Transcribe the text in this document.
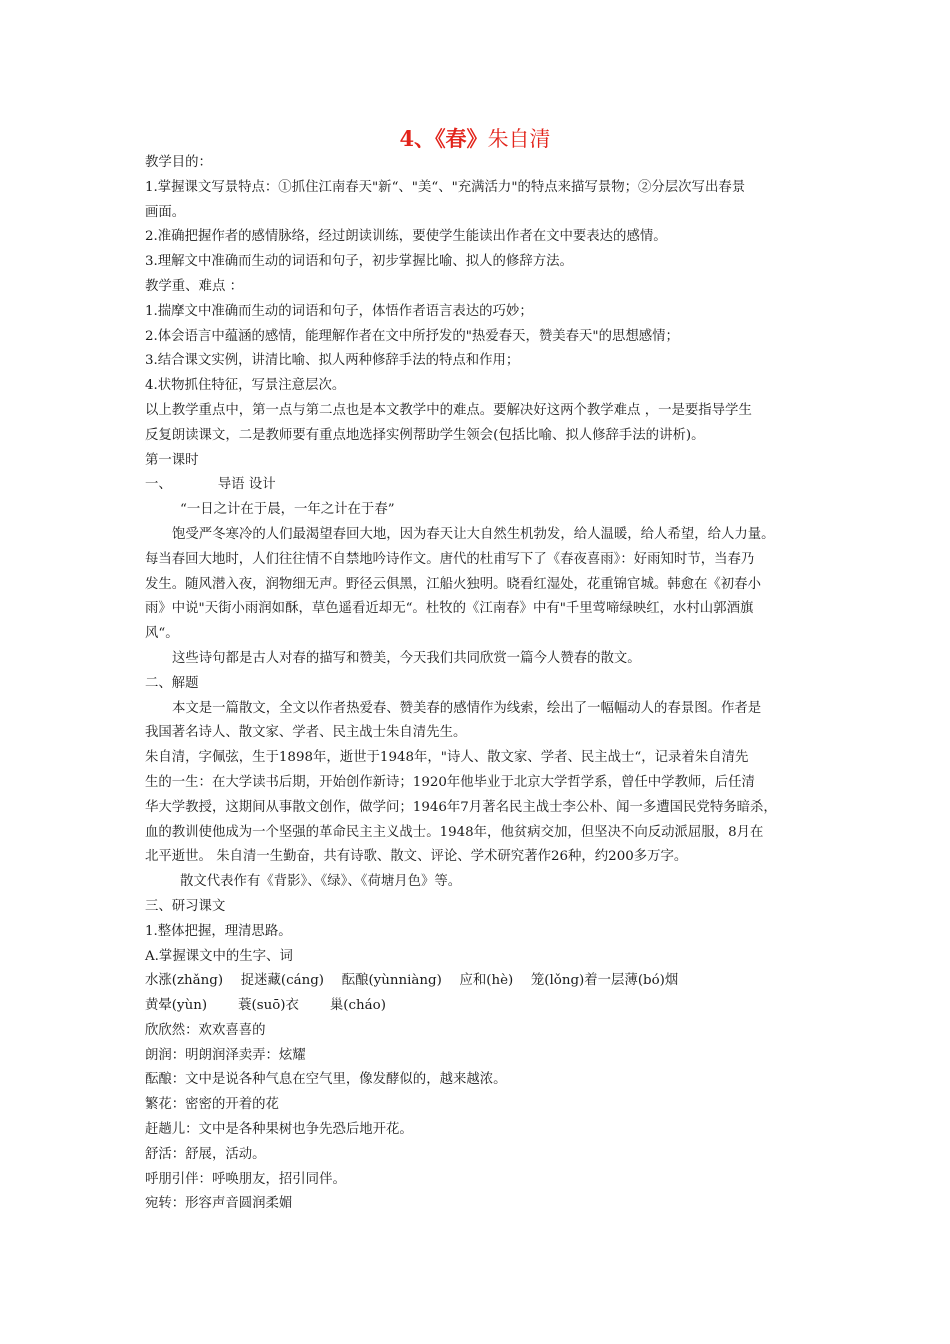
4、《春》朱自清
教学目的：
1.掌握课文写景特点：①抓住江南春天"新“、"美“、"充满活力"的特点来描写景物；②分层次写出春景
画面。
2.准确把握作者的感情脉络，经过朗读训练，要使学生能读出作者在文中要表达的感情。
3.理解文中准确而生动的词语和句子，初步掌握比喻、拟人的修辞方法。
教学重、难点 ：
1.揣摩文中准确而生动的词语和句子，体悟作者语言表达的巧妙；
2.体会语言中蕴涵的感情，能理解作者在文中所抒发的"热爱春天，赞美春天"的思想感情；
3.结合课文实例，讲清比喻、拟人两种修辞手法的特点和作用；
4.状物抓住特征，写景注意层次。
以上教学重点中，第一点与第二点也是本文教学中的难点。要解决好这两个教学难点 ，一是要指导学生
反复朗读课文，二是教师要有重点地选择实例帮助学生领会(包括比喻、拟人修辞手法的讲析)。
第一课时
一、	导语 设计
“一日之计在于晨，一年之计在于春”
饱受严冬寒冷的人们最渴望春回大地，因为春天让大自然生机勃发，给人温暖，给人希望，给人力量。
每当春回大地时，人们往往情不自禁地吟诗作文。唐代的杜甫写下了《春夜喜雨》：好雨知时节，当春乃
发生。随风潜入夜，润物细无声。野径云俱黑，江船火独明。晓看红湿处，花重锦官城。韩愈在《初春小
雨》中说"天街小雨润如酥，草色遥看近却无“。杜牧的《江南春》中有"千里莺啼绿映红，水村山郭酒旗
风“。
这些诗句都是古人对春的描写和赞美，今天我们共同欣赏一篇今人赞春的散文。
二、解题
本文是一篇散文，全文以作者热爱春、赞美春的感情作为线索，绘出了一幅幅动人的春景图。作者是
我国著名诗人、散文家、学者、民主战士朱自清先生。
朱自清，字佩弦，生于1898年，逝世于1948年，"诗人、散文家、学者、民主战士“，记录着朱自清先
生的一生：在大学读书后期，开始创作新诗；1920年他毕业于北京大学哲学系，曾任中学教师，后任清
华大学教授，这期间从事散文创作，做学问；1946年7月著名民主战士李公朴、闻一多遭国民党特务暗杀，
血的教训使他成为一个坚强的革命民主主义战士。1948年，他贫病交加，但坚决不向反动派屈服，8月在
北平逝世。 朱自清一生勤奋，共有诗歌、散文、评论、学术研究著作26种，约200多万字。
散文代表作有《背影》、《绿》、《荷塘月色》等。
三、研习课文
1.整体把握，理清思路。
A.掌握课文中的生字、词
水涨(zhǎng)　 捉迷藏(cáng)　 酝酿(yùnniàng)　 应和(hè)　 笼(lǒng)着一层薄(bó)烟
黄晕(yùn)　　 蓑(suō)衣　　 巢(cháo)
欣欣然：欢欢喜喜的
朗润：明朗润泽卖弄：炫耀
酝酿：文中是说各种气息在空气里，像发酵似的，越来越浓。
繁花：密密的开着的花
赶趟儿：文中是各种果树也争先恐后地开花。
舒活：舒展，活动。
呼朋引伴：呼唤朋友，招引同伴。
宛转：形容声音圆润柔媚
